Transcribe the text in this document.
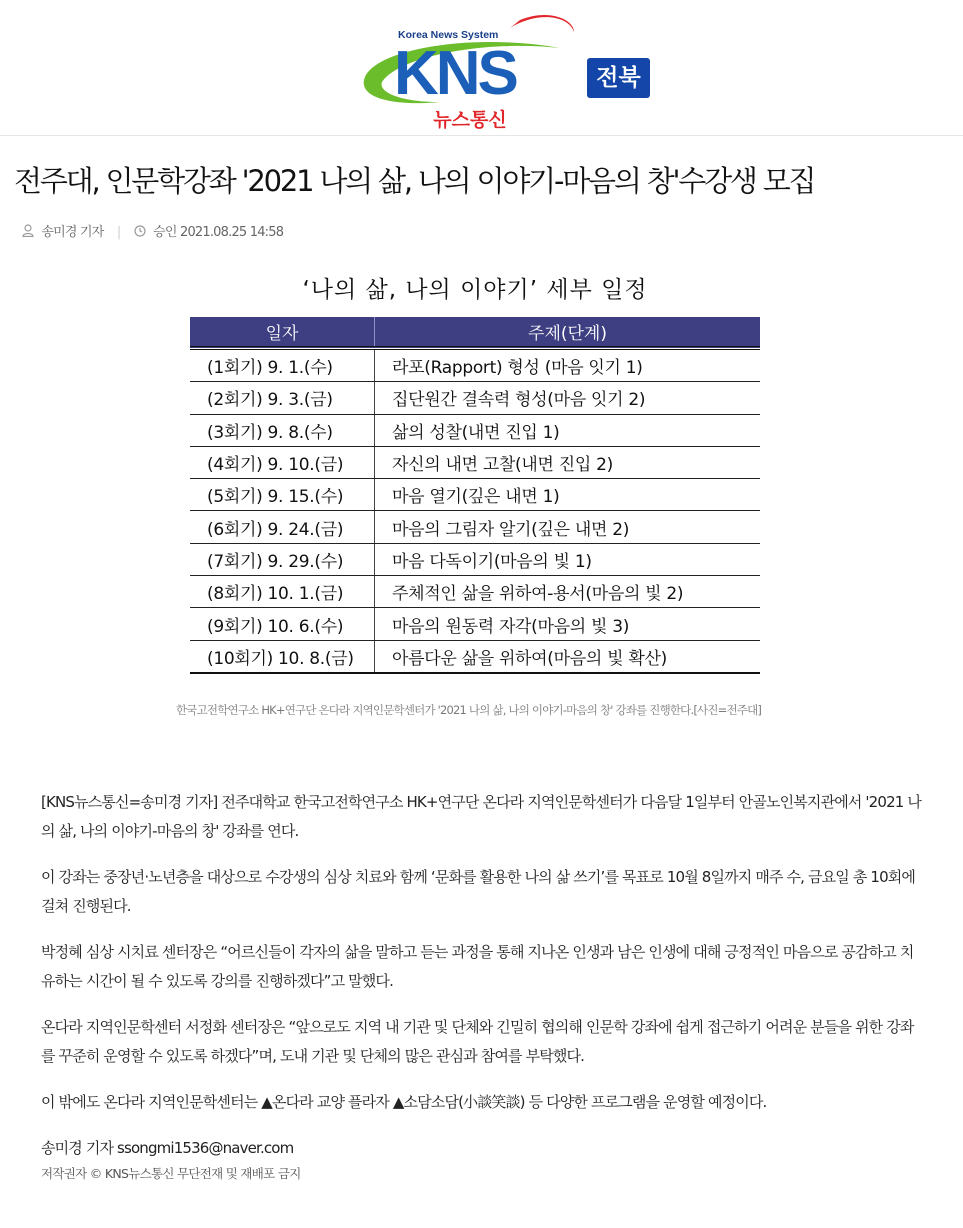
Korea News System
KNS
뉴스통신
전북
전주대, 인문학강좌 '2021 나의 삶, 나의 이야기-마음의 창'수강생 모집
송미경 기자 |	승인 2021.08.25 14:58
‘나의 삶, 나의 이야기’ 세부 일정
일자	주제(단계)
(1회기) 9. 1.(수)	라포(Rapport) 형성 (마음 잇기 1)
(2회기) 9. 3.(금)	집단원간 결속력 형성(마음 잇기 2)
(3회기) 9. 8.(수)	삶의 성찰(내면 진입 1)
(4회기) 9. 10.(금)	자신의 내면 고찰(내면 진입 2)
(5회기) 9. 15.(수)	마음 열기(깊은 내면 1)
(6회기) 9. 24.(금)	마음의 그림자 알기(깊은 내면 2)
(7회기) 9. 29.(수)	마음 다독이기(마음의 빛 1)
(8회기) 10. 1.(금)	주체적인 삶을 위하여-용서(마음의 빛 2)
(9회기) 10. 6.(수)	마음의 원동력 자각(마음의 빛 3)
(10회기) 10. 8.(금)	아름다운 삶을 위하여(마음의 빛 확산)
한국고전학연구소 HK+연구단 온다라 지역인문학센터가 '2021 나의 삶, 나의 이야기-마음의 창' 강좌를 진행한다.[사진=전주대]

[KNS뉴스통신=송미경 기자] 전주대학교 한국고전학연구소 HK+연구단 온다라 지역인문학센터가 다음달 1일부터 안골노인복지관에서 '2021 나의 삶, 나의 이야기-마음의 창' 강좌를 연다.

이 강좌는 중장년·노년층을 대상으로 수강생의 심상 치료와 함께 ‘문화를 활용한 나의 삶 쓰기’를 목표로 10월 8일까지 매주 수, 금요일 총 10회에 걸쳐 진행된다.

박정혜 심상 시치료 센터장은 “어르신들이 각자의 삶을 말하고 듣는 과정을 통해 지나온 인생과 남은 인생에 대해 긍정적인 마음으로 공감하고 치유하는 시간이 될 수 있도록 강의를 진행하겠다”고 말했다.

온다라 지역인문학센터 서정화 센터장은 “앞으로도 지역 내 기관 및 단체와 긴밀히 협의해 인문학 강좌에 쉽게 접근하기 어려운 분들을 위한 강좌를 꾸준히 운영할 수 있도록 하겠다”며, 도내 기관 및 단체의 많은 관심과 참여를 부탁했다.

이 밖에도 온다라 지역인문학센터는 ▲온다라 교양 플라자 ▲소담소담(小談笑談) 등 다양한 프로그램을 운영할 예정이다.

송미경 기자 ssongmi1536@naver.com

저작권자 © KNS뉴스통신 무단전재 및 재배포 금지
